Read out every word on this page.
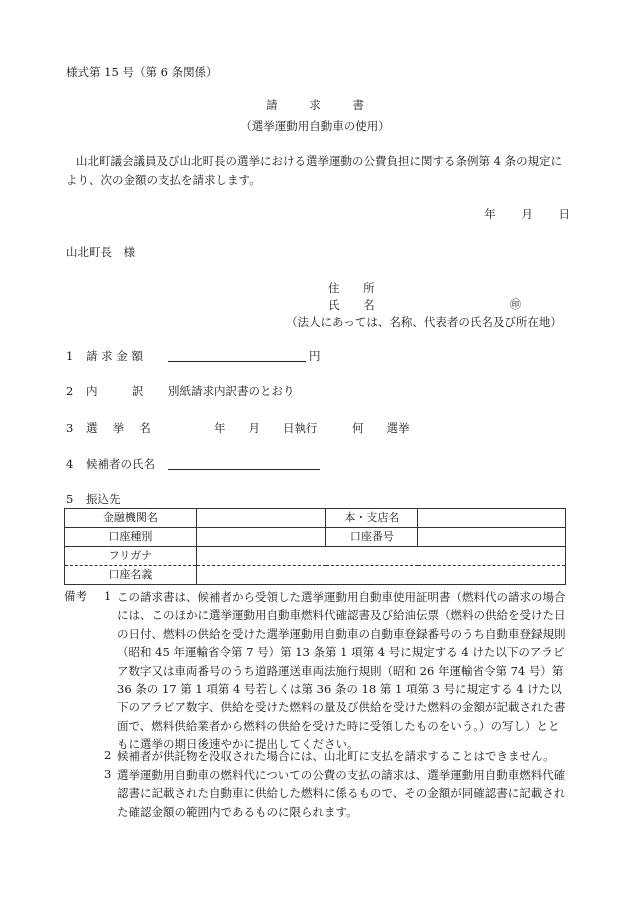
様式第 15 号（第 6 条関係）
請 求 書
（選挙運動用自動車の使用）
山北町議会議員及び山北町長の選挙における選挙運動の公費負担に関する条例第 4 条の規定により、次の金額の支払を請求します。
年 月 日
山北町長　様
住 所
氏 名	㊞
（法人にあっては、名称、代表者の氏名及び所在地）
1 請 求 金 額	円
2 内　　　訳 別紙請求内訳書のとおり
3 選　 挙　 名	年　　月　　日執行　　　何　　選挙
4 候補者の氏名
5 振込先
金融機関名		本・支店名	
口座種別		口座番号	
フリガナ			
口座名義			
備考 1 この請求書は、候補者から受領した選挙運動用自動車使用証明書（燃料代の請求の場合には、このほかに選挙運動用自動車燃料代確認書及び給油伝票（燃料の供給を受けた日の日付、燃料の供給を受けた選挙運動用自動車の自動車登録番号のうち自動車登録規則（昭和 45 年運輸省令第 7 号）第 13 条第 1 項第 4 号に規定する 4 けた以下のアラビア数字又は車両番号のうち道路運送車両法施行規則（昭和 26 年運輸省令第 74 号）第 36 条の 17 第 1 項第 4 号若しくは第 36 条の 18 第 1 項第 3 号に規定する 4 けた以下のアラビア数字、供給を受けた燃料の量及び供給を受けた燃料の金額が記載された書面で、燃料供給業者から燃料の供給を受けた時に受領したものをいう。）の写し）とともに選挙の期日後速やかに提出してください。
2 候補者が供託物を没収された場合には、山北町に支払を請求することはできません。
3 選挙運動用自動車の燃料代についての公費の支払の請求は、選挙運動用自動車燃料代確認書に記載された自動車に供給した燃料に係るもので、その金額が同確認書に記載された確認金額の範囲内であるものに限られます。
